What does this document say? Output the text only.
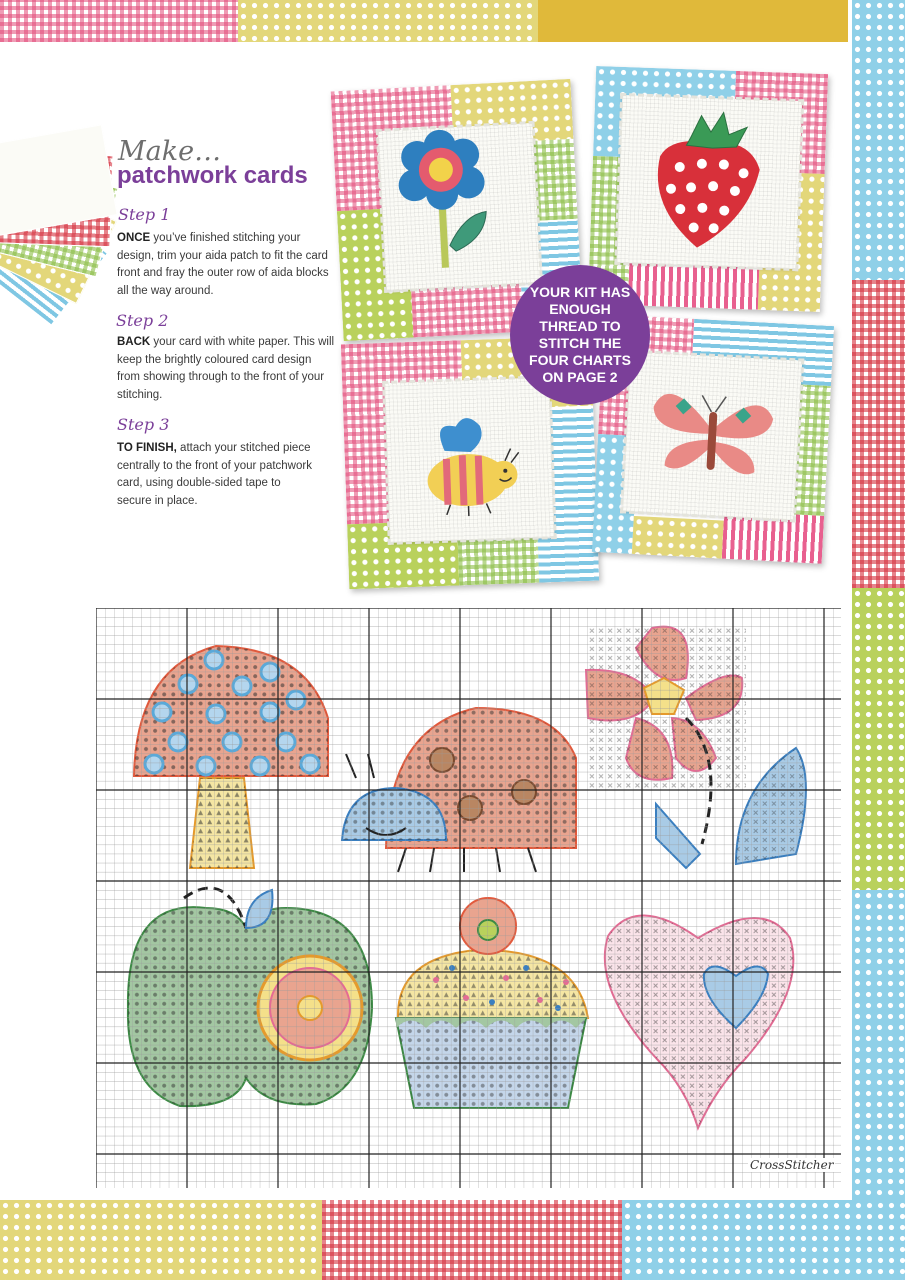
Make…
patchwork cards
Step 1
ONCE you’ve finished stitching your design, trim your aida patch to fit the card front and fray the outer row of aida blocks all the way around.
Step 2
BACK your card with white paper. This will keep the brightly coloured card design from showing through to the front of your stitching.
Step 3
TO FINISH, attach your stitched piece centrally to the front of your patchwork card, using double-sided tape to secure in place.
YOUR KIT HAS ENOUGH THREAD TO STITCH THE FOUR CHARTS ON PAGE 2
CrossStitcher
